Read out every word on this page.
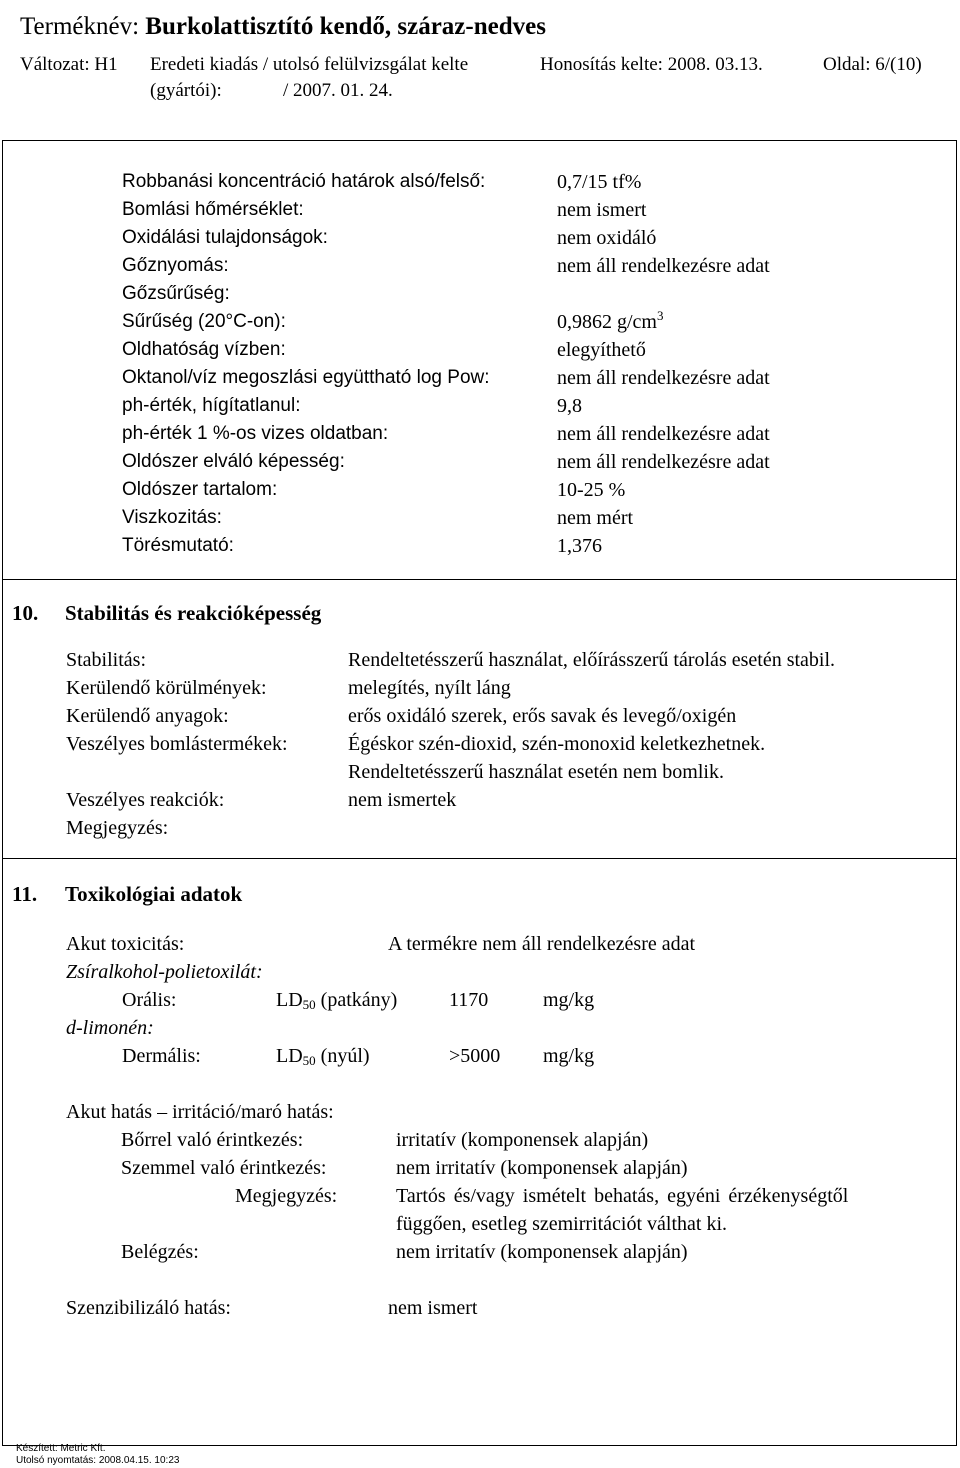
Terméknév: Burkolattisztító kendő, száraz-nedves
Változat: H1 Eredeti kiadás / utolsó felülvizsgálat kelte
(gyártói):	/ 2007. 01. 24.
Honosítás kelte: 2008. 03.13.	Oldal: 6/(10)
Robbanási koncentráció határok alsó/felső:	0,7/15 tf%
Bomlási hőmérséklet:	nem ismert
Oxidálási tulajdonságok:	nem oxidáló
Gőznyomás:	nem áll rendelkezésre adat
Gőzsűrűség:
Sűrűség (20°C-on):	0,9862 $g/cm^3$
Oldhatóság vízben:	elegyíthető
Oktanol/víz megoszlási együttható log Pow:	nem áll rendelkezésre adat
ph-érték, hígítatlanul:	9,8
ph-érték 1 %-os vizes oldatban:	nem áll rendelkezésre adat
Oldószer elváló képesség:	nem áll rendelkezésre adat
Oldószer tartalom:	10-25 %
Viszkozitás:	nem mért
Törésmutató:	1,376
10. Stabilitás és reakcióképesség
Stabilitás:	Rendeltetésszerű használat, előírásszerű tárolás esetén stabil.
Kerülendő körülmények:	melegítés, nyílt láng
Kerülendő anyagok:	erős oxidáló szerek, erős savak és levegő/oxigén
Veszélyes bomlástermékek:	Égéskor szén-dioxid, szén-monoxid keletkezhetnek.
Rendeltetésszerű használat esetén nem bomlik.
Veszélyes reakciók:	nem ismertek
Megjegyzés:
11. Toxikológiai adatok
Akut toxicitás:	A termékre nem áll rendelkezésre adat
Zsíralkohol-polietoxilát:
Orális:	$LD_{50}$ (patkány)	1170	mg/kg
d-limonén:
Dermális:	$LD_{50}$ (nyúl)	>5000 mg/kg
Akut hatás – irritáció/maró hatás:
Bőrrel való érintkezés:	irritatív (komponensek alapján)
Szemmel való érintkezés:	nem irritatív (komponensek alapján)
Megjegyzés:	Tartós és/vagy ismételt behatás, egyéni érzékenységtől
függően, esetleg szemirritációt válthat ki.
Belégzés:	nem irritatív (komponensek alapján)
Szenzibilizáló hatás:	nem ismert
Készített: Metric Kft.
Utolsó nyomtatás: 2008.04.15. 10:23
